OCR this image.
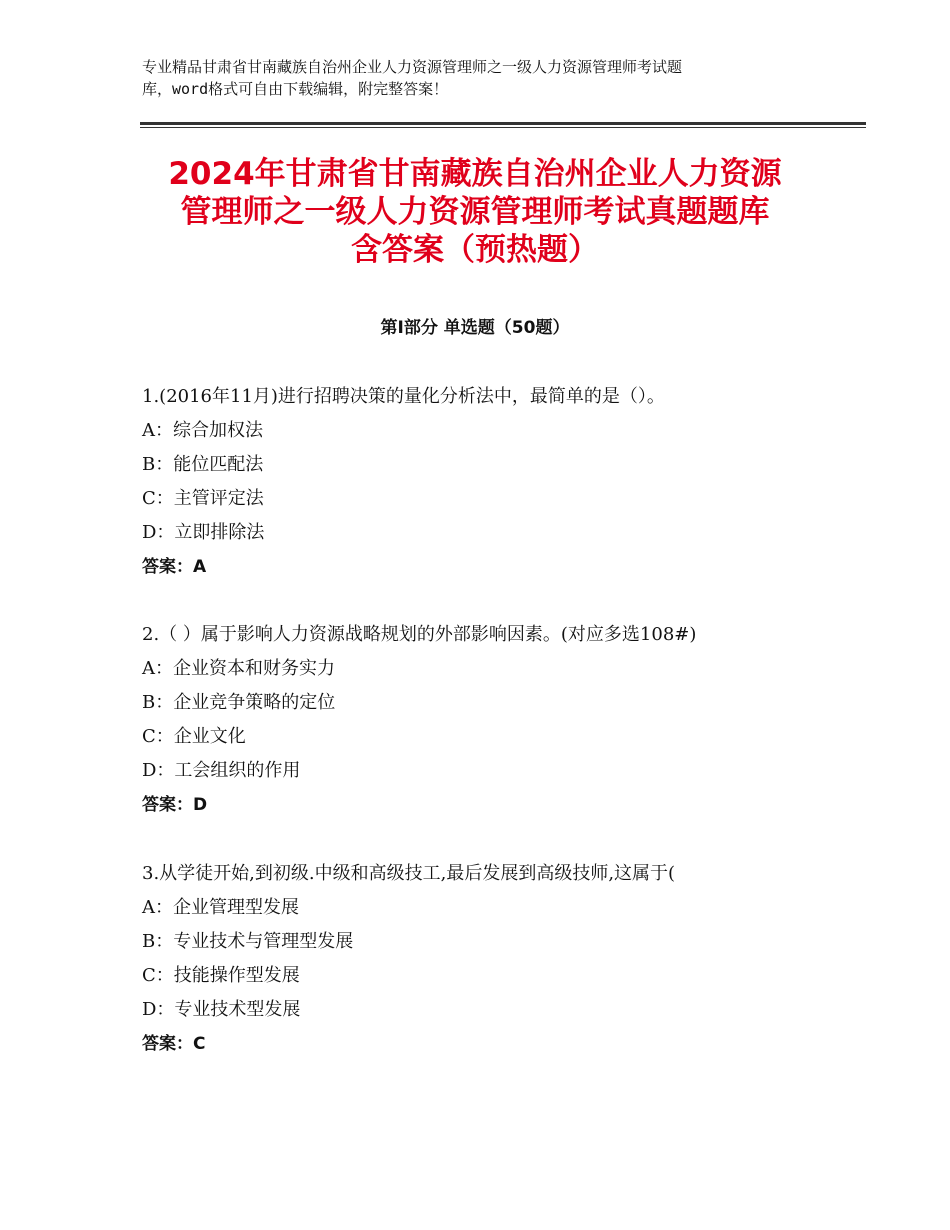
专业精品甘肃省甘南藏族自治州企业人力资源管理师之一级人力资源管理师考试题
库，word格式可自由下载编辑，附完整答案！
2024年甘肃省甘南藏族自治州企业人力资源
管理师之一级人力资源管理师考试真题题库
含答案（预热题）
第Ⅰ部分 单选题（50题）
1.(2016年11月)进行招聘决策的量化分析法中，最简单的是（）。
A：综合加权法
B：能位匹配法
C：主管评定法
D：立即排除法
答案：A
2.（ ）属于影响人力资源战略规划的外部影响因素。(对应多选108#)
A：企业资本和财务实力
B：企业竞争策略的定位
C：企业文化
D：工会组织的作用
答案：D
3.从学徒开始,到初级.中级和高级技工,最后发展到高级技师,这属于(
A：企业管理型发展
B：专业技术与管理型发展
C：技能操作型发展
D：专业技术型发展
答案：C
